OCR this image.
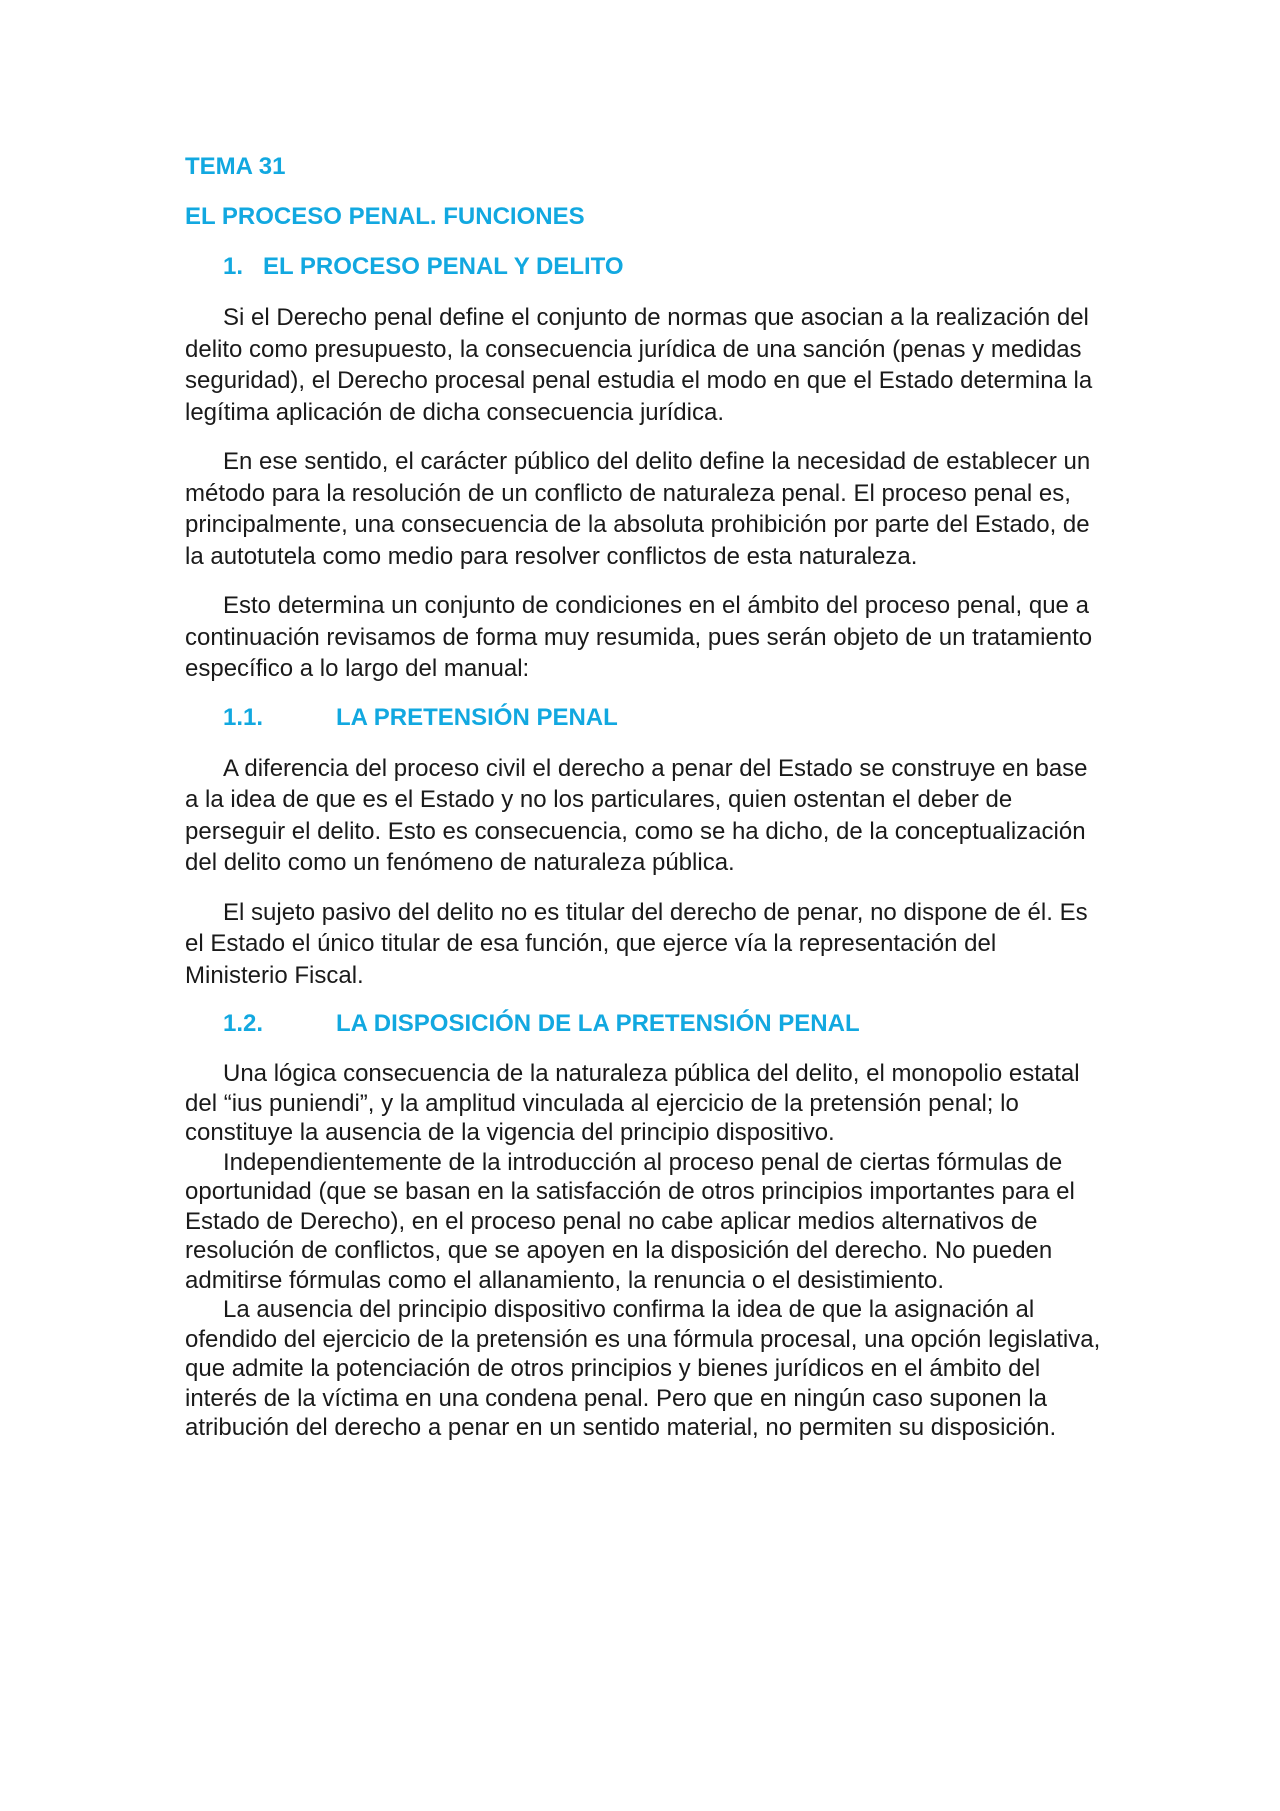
TEMA 31
EL PROCESO PENAL. FUNCIONES
1. EL PROCESO PENAL Y DELITO

Si el Derecho penal define el conjunto de normas que asocian a la realización del delito como presupuesto, la consecuencia jurídica de una sanción (penas y medidas seguridad), el Derecho procesal penal estudia el modo en que el Estado determina la legítima aplicación de dicha consecuencia jurídica.

En ese sentido, el carácter público del delito define la necesidad de establecer un método para la resolución de un conflicto de naturaleza penal. El proceso penal es, principalmente, una consecuencia de la absoluta prohibición por parte del Estado, de la autotutela como medio para resolver conflictos de esta naturaleza.

Esto determina un conjunto de condiciones en el ámbito del proceso penal, que a continuación revisamos de forma muy resumida, pues serán objeto de un tratamiento específico a lo largo del manual:

1.1.	LA PRETENSIÓN PENAL

A diferencia del proceso civil el derecho a penar del Estado se construye en base a la idea de que es el Estado y no los particulares, quien ostentan el deber de perseguir el delito. Esto es consecuencia, como se ha dicho, de la conceptualización del delito como un fenómeno de naturaleza pública.

El sujeto pasivo del delito no es titular del derecho de penar, no dispone de él. Es el Estado el único titular de esa función, que ejerce vía la representación del Ministerio Fiscal.

1.2.	LA DISPOSICIÓN DE LA PRETENSIÓN PENAL

Una lógica consecuencia de la naturaleza pública del delito, el monopolio estatal del “ius puniendi”, y la amplitud vinculada al ejercicio de la pretensión penal; lo constituye la ausencia de la vigencia del principio dispositivo.

Independientemente de la introducción al proceso penal de ciertas fórmulas de oportunidad (que se basan en la satisfacción de otros principios importantes para el Estado de Derecho), en el proceso penal no cabe aplicar medios alternativos de resolución de conflictos, que se apoyen en la disposición del derecho. No pueden admitirse fórmulas como el allanamiento, la renuncia o el desistimiento.

La ausencia del principio dispositivo confirma la idea de que la asignación al ofendido del ejercicio de la pretensión es una fórmula procesal, una opción legislativa, que admite la potenciación de otros principios y bienes jurídicos en el ámbito del interés de la víctima en una condena penal. Pero que en ningún caso suponen la atribución del derecho a penar en un sentido material, no permiten su disposición.
